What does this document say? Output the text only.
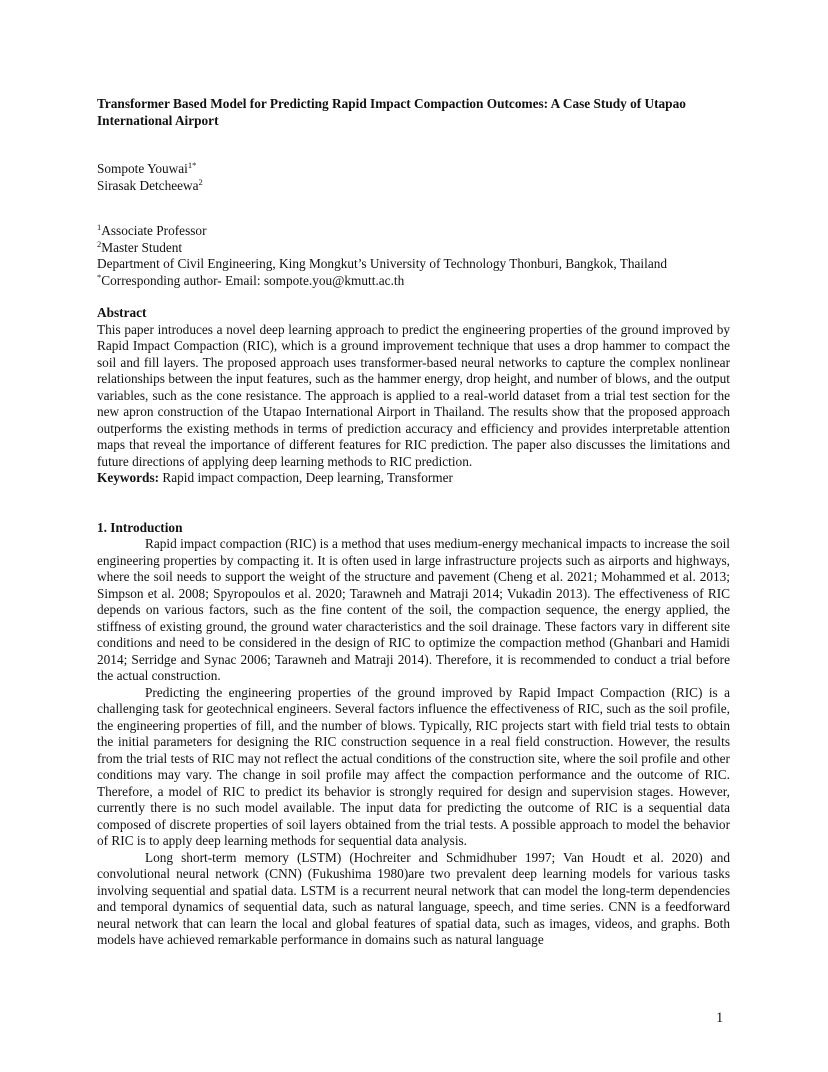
Transformer Based Model for Predicting Rapid Impact Compaction Outcomes: A Case Study of Utapao International Airport

Sompote Youwai$^{1*}$
Sirasak Detcheewa$^2$
$^1$Associate Professor
$^2$Master Student
Department of Civil Engineering, King Mongkut’s University of Technology Thonburi, Bangkok, Thailand
*Corresponding author- Email: sompote.you@kmutt.ac.th
Abstract

This paper introduces a novel deep learning approach to predict the engineering properties of the ground improved by Rapid Impact Compaction (RIC), which is a ground improvement technique that uses a drop hammer to compact the soil and fill layers. The proposed approach uses transformer-based neural networks to capture the complex nonlinear relationships between the input features, such as the hammer energy, drop height, and number of blows, and the output variables, such as the cone resistance. The approach is applied to a real-world dataset from a trial test section for the new apron construction of the Utapao International Airport in Thailand. The results show that the proposed approach outperforms the existing methods in terms of prediction accuracy and efficiency and provides interpretable attention maps that reveal the importance of different features for RIC prediction. The paper also discusses the limitations and future directions of applying deep learning methods to RIC prediction.

Keywords: Rapid impact compaction, Deep learning, Transformer

1. Introduction

Rapid impact compaction (RIC) is a method that uses medium-energy mechanical impacts to increase the soil engineering properties by compacting it. It is often used in large infrastructure projects such as airports and highways, where the soil needs to support the weight of the structure and pavement (Cheng et al. 2021; Mohammed et al. 2013; Simpson et al. 2008; Spyropoulos et al. 2020; Tarawneh and Matraji 2014; Vukadin 2013). The effectiveness of RIC depends on various factors, such as the fine content of the soil, the compaction sequence, the energy applied, the stiffness of existing ground, the ground water characteristics and the soil drainage. These factors vary in different site conditions and need to be considered in the design of RIC to optimize the compaction method (Ghanbari and Hamidi 2014; Serridge and Synac 2006; Tarawneh and Matraji 2014). Therefore, it is recommended to conduct a trial before the actual construction.

Predicting the engineering properties of the ground improved by Rapid Impact Compaction (RIC) is a challenging task for geotechnical engineers. Several factors influence the effectiveness of RIC, such as the soil profile, the engineering properties of fill, and the number of blows. Typically, RIC projects start with field trial tests to obtain the initial parameters for designing the RIC construction sequence in a real field construction. However, the results from the trial tests of RIC may not reflect the actual conditions of the construction site, where the soil profile and other conditions may vary. The change in soil profile may affect the compaction performance and the outcome of RIC. Therefore, a model of RIC to predict its behavior is strongly required for design and supervision stages. However, currently there is no such model available. The input data for predicting the outcome of RIC is a sequential data composed of discrete properties of soil layers obtained from the trial tests. A possible approach to model the behavior of RIC is to apply deep learning methods for sequential data analysis.

Long short-term memory (LSTM) (Hochreiter and Schmidhuber 1997; Van Houdt et al. 2020) and convolutional neural network (CNN) (Fukushima 1980)are two prevalent deep learning models for various tasks involving sequential and spatial data. LSTM is a recurrent neural network that can model the long-term dependencies and temporal dynamics of sequential data, such as natural language, speech, and time series. CNN is a feedforward neural network that can learn the local and global features of spatial data, such as images, videos, and graphs. Both models have achieved remarkable performance in domains such as natural language

1
